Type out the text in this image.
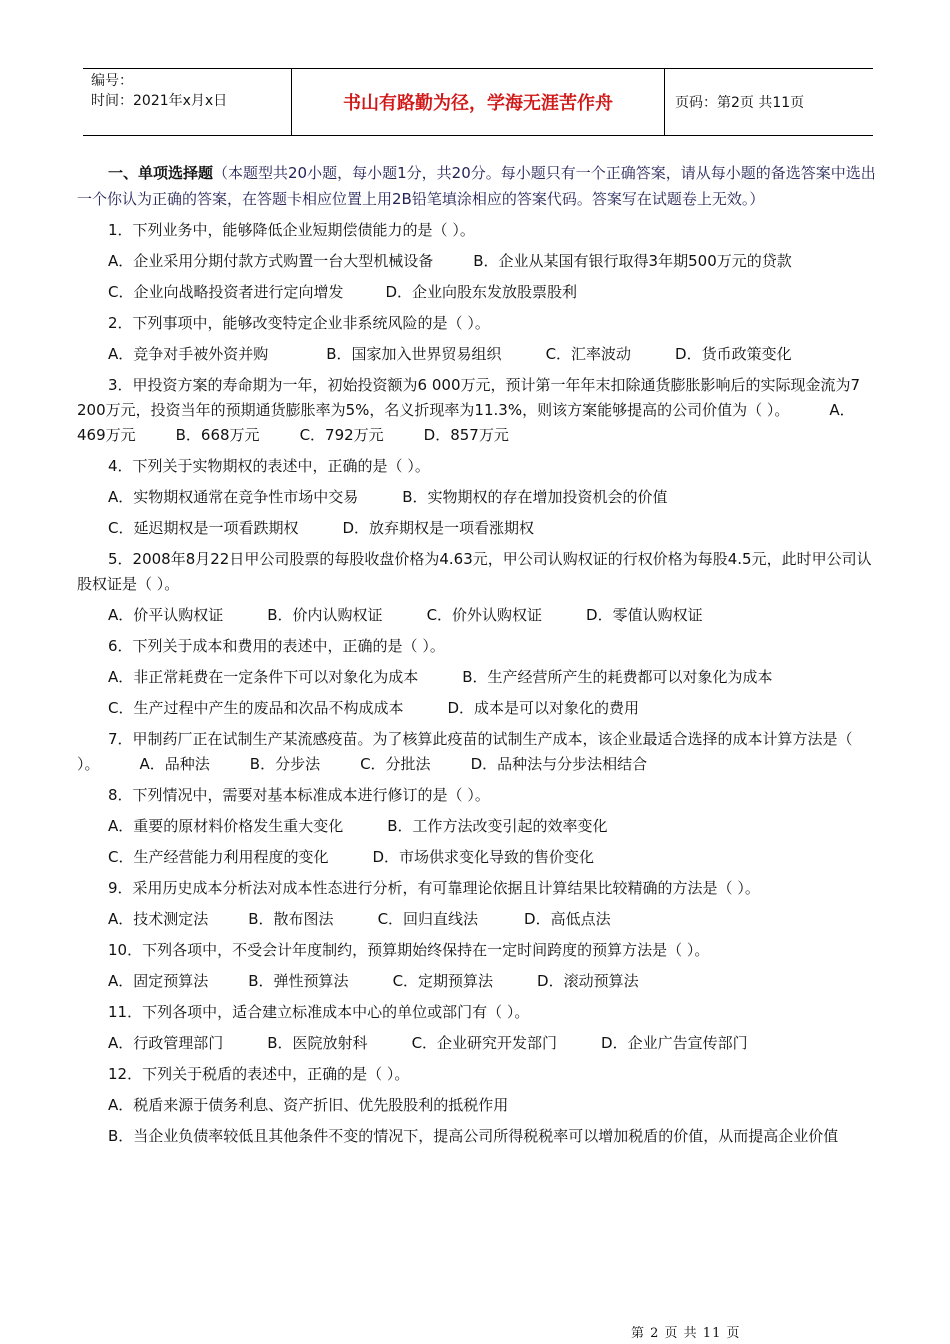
编号：
时间：2021年x月x日	书山有路勤为径，学海无涯苦作舟	页码：第2页 共11页
一、单项选择题（本题型共20小题，每小题1分，共20分。每小题只有一个正确答案，请从每小题的备选答案中选出一个你认为正确的答案，在答题卡相应位置上用2B铅笔填涂相应的答案代码。答案写在试题卷上无效。）
1．下列业务中，能够降低企业短期偿债能力的是（ ）。
A．企业采用分期付款方式购置一台大型机械设备	B．企业从某国有银行取得3年期500万元的贷款
C．企业向战略投资者进行定向增发	D．企业向股东发放股票股利
2．下列事项中，能够改变特定企业非系统风险的是（ ）。
A．竞争对手被外资并购	B．国家加入世界贸易组织	C．汇率波动	D．货币政策变化
3．甲投资方案的寿命期为一年，初始投资额为6 000万元，预计第一年年末扣除通货膨胀影响后的实际现金流为7 200万元，投资当年的预期通货膨胀率为5%，名义折现率为11.3%，则该方案能够提高的公司价值为（ ）。	A．469万元	B．668万元	C．792万元	D．857万元
4．下列关于实物期权的表述中，正确的是（ ）。
A．实物期权通常在竞争性市场中交易	B．实物期权的存在增加投资机会的价值
C．延迟期权是一项看跌期权	D．放弃期权是一项看涨期权
5．2008年8月22日甲公司股票的每股收盘价格为4.63元，甲公司认购权证的行权价格为每股4.5元，此时甲公司认股权证是（ ）。
A．价平认购权证	B．价内认购权证	C．价外认购权证	D．零值认购权证
6．下列关于成本和费用的表述中，正确的是（ ）。
A．非正常耗费在一定条件下可以对象化为成本	B．生产经营所产生的耗费都可以对象化为成本
C．生产过程中产生的废品和次品不构成成本	D．成本是可以对象化的费用
7．甲制药厂正在试制生产某流感疫苗。为了核算此疫苗的试制生产成本，该企业最适合选择的成本计算方法是（ ）。	A．品种法	B．分步法	C．分批法	D．品种法与分步法相结合
8．下列情况中，需要对基本标准成本进行修订的是（ ）。
A．重要的原材料价格发生重大变化	B．工作方法改变引起的效率变化
C．生产经营能力利用程度的变化	D．市场供求变化导致的售价变化
9．采用历史成本分析法对成本性态进行分析，有可靠理论依据且计算结果比较精确的方法是（ ）。
A．技术测定法	B．散布图法	C．回归直线法	D．高低点法
10．下列各项中，不受会计年度制约，预算期始终保持在一定时间跨度的预算方法是（ ）。
A．固定预算法	B．弹性预算法	C．定期预算法	D．滚动预算法
11．下列各项中，适合建立标准成本中心的单位或部门有（ ）。
A．行政管理部门	B．医院放射科	C．企业研究开发部门	D．企业广告宣传部门
12．下列关于税盾的表述中，正确的是（ ）。
A．税盾来源于债务利息、资产折旧、优先股股利的抵税作用
B．当企业负债率较低且其他条件不变的情况下，提高公司所得税税率可以增加税盾的价值，从而提高企业价值
第 2 页 共 11 页
